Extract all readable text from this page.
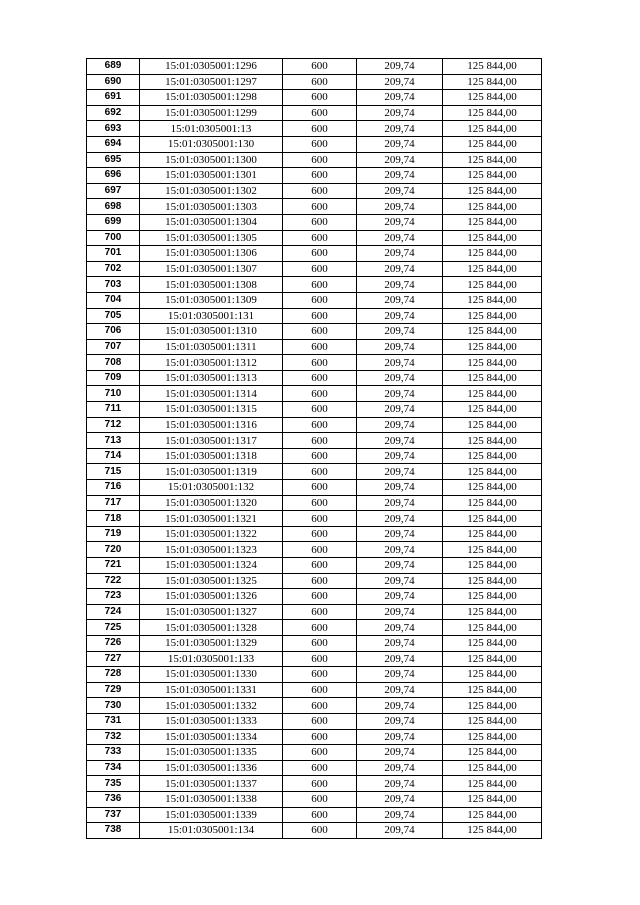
689	15:01:0305001:1296	600	209,74	125 844,00
690	15:01:0305001:1297	600	209,74	125 844,00
691	15:01:0305001:1298	600	209,74	125 844,00
692	15:01:0305001:1299	600	209,74	125 844,00
693	15:01:0305001:13	600	209,74	125 844,00
694	15:01:0305001:130	600	209,74	125 844,00
695	15:01:0305001:1300	600	209,74	125 844,00
696	15:01:0305001:1301	600	209,74	125 844,00
697	15:01:0305001:1302	600	209,74	125 844,00
698	15:01:0305001:1303	600	209,74	125 844,00
699	15:01:0305001:1304	600	209,74	125 844,00
700	15:01:0305001:1305	600	209,74	125 844,00
701	15:01:0305001:1306	600	209,74	125 844,00
702	15:01:0305001:1307	600	209,74	125 844,00
703	15:01:0305001:1308	600	209,74	125 844,00
704	15:01:0305001:1309	600	209,74	125 844,00
705	15:01:0305001:131	600	209,74	125 844,00
706	15:01:0305001:1310	600	209,74	125 844,00
707	15:01:0305001:1311	600	209,74	125 844,00
708	15:01:0305001:1312	600	209,74	125 844,00
709	15:01:0305001:1313	600	209,74	125 844,00
710	15:01:0305001:1314	600	209,74	125 844,00
711	15:01:0305001:1315	600	209,74	125 844,00
712	15:01:0305001:1316	600	209,74	125 844,00
713	15:01:0305001:1317	600	209,74	125 844,00
714	15:01:0305001:1318	600	209,74	125 844,00
715	15:01:0305001:1319	600	209,74	125 844,00
716	15:01:0305001:132	600	209,74	125 844,00
717	15:01:0305001:1320	600	209,74	125 844,00
718	15:01:0305001:1321	600	209,74	125 844,00
719	15:01:0305001:1322	600	209,74	125 844,00
720	15:01:0305001:1323	600	209,74	125 844,00
721	15:01:0305001:1324	600	209,74	125 844,00
722	15:01:0305001:1325	600	209,74	125 844,00
723	15:01:0305001:1326	600	209,74	125 844,00
724	15:01:0305001:1327	600	209,74	125 844,00
725	15:01:0305001:1328	600	209,74	125 844,00
726	15:01:0305001:1329	600	209,74	125 844,00
727	15:01:0305001:133	600	209,74	125 844,00
728	15:01:0305001:1330	600	209,74	125 844,00
729	15:01:0305001:1331	600	209,74	125 844,00
730	15:01:0305001:1332	600	209,74	125 844,00
731	15:01:0305001:1333	600	209,74	125 844,00
732	15:01:0305001:1334	600	209,74	125 844,00
733	15:01:0305001:1335	600	209,74	125 844,00
734	15:01:0305001:1336	600	209,74	125 844,00
735	15:01:0305001:1337	600	209,74	125 844,00
736	15:01:0305001:1338	600	209,74	125 844,00
737	15:01:0305001:1339	600	209,74	125 844,00
738	15:01:0305001:134	600	209,74	125 844,00
